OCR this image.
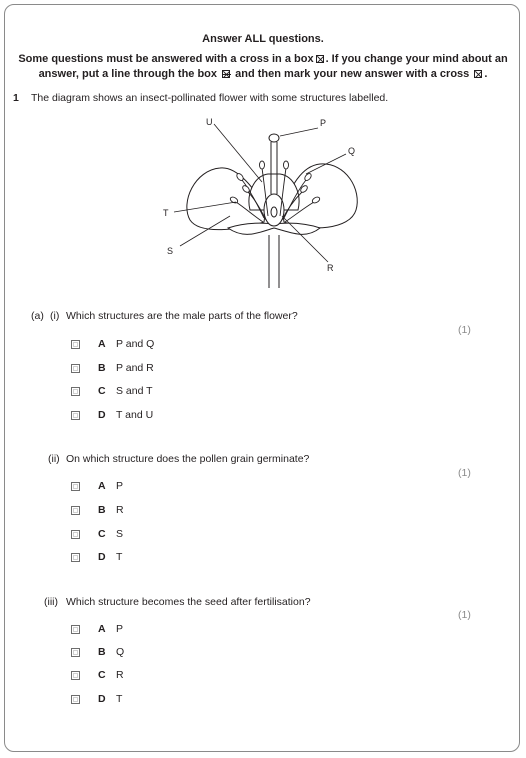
Answer ALL questions.
Some questions must be answered with a cross in a box ☒ . If you change your mind about an
answer, put a line through the box and then mark your new answer with a cross ☒ .
1 The diagram shows an insect-pollinated flower with some structures labelled.
U	P
Q
T
S
R
(a) (i) Which structures are the male parts of the flower?
(1)
A P and Q
B P and R
C S and T
D T and U
(ii) On which structure does the pollen grain germinate?
(1)
A P
B R
C S
D T
(iii) Which structure becomes the seed after fertilisation?
(1)
A P
B Q
C R
D T
